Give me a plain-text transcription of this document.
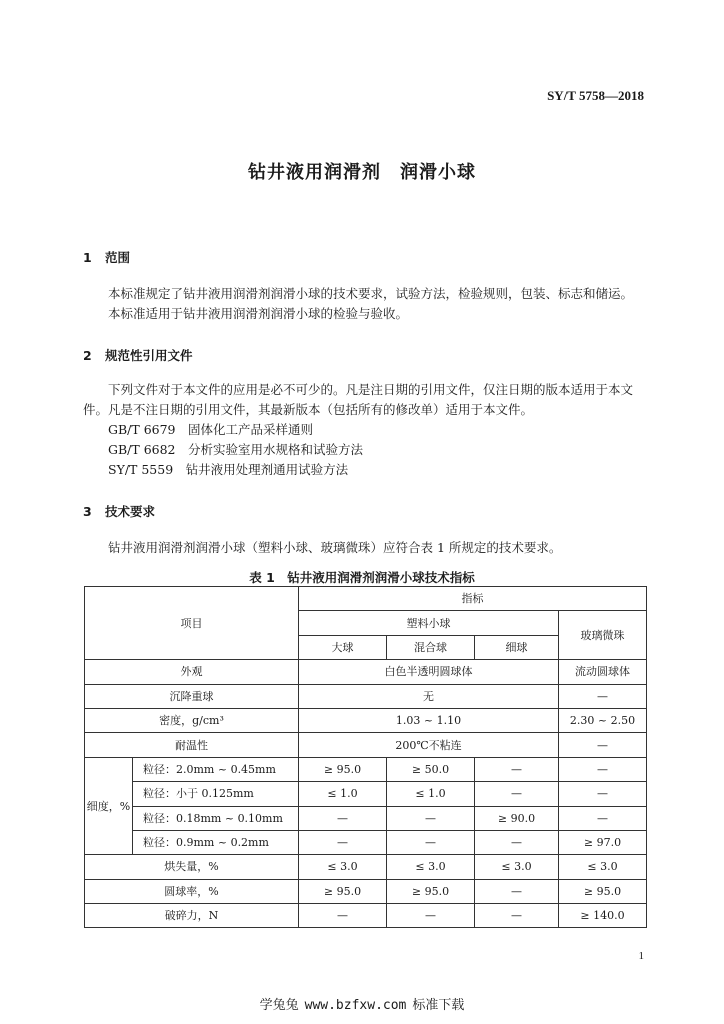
SY/T 5758—2018
钻井液用润滑剂　润滑小球
1 范围

本标准规定了钻井液用润滑剂润滑小球的技术要求，试验方法，检验规则，包装、标志和储运。

本标准适用于钻井液用润滑剂润滑小球的检验与验收。

2 规范性引用文件

下列文件对于本文件的应用是必不可少的。凡是注日期的引用文件，仅注日期的版本适用于本文件。凡是不注日期的引用文件，其最新版本（包括所有的修改单）适用于本文件。

GB/T 6679　 固体化工产品采样通则

GB/T 6682　 分析实验室用水规格和试验方法

SY/T 5559　 钻井液用处理剂通用试验方法

3 技术要求

钻井液用润滑剂润滑小球（塑料小球、玻璃微珠）应符合表 1 所规定的技术要求。

表 1　钻井液用润滑剂润滑小球技术指标
项目		指标			
		塑料小球			玻璃微珠
		大球	混合球	细球	
外观		白色半透明圆球体			流动圆球体
沉降重球		无			—
密度，g/cm³		1.03 ~ 1.10			2.30 ~ 2.50
耐温性		200℃不粘连			—
细度，%	粒径：2.0mm ~ 0.45mm	≥ 95.0	≥ 50.0	—	—
	粒径：小于 0.125mm	≤ 1.0	≤ 1.0	—	—
	粒径：0.18mm ~ 0.10mm	—	—	≥ 90.0	—
	粒径：0.9mm ~ 0.2mm	—	—	—	≥ 97.0
烘失量，%		≤ 3.0	≤ 3.0	≤ 3.0	≤ 3.0
圆球率，%		≥ 95.0	≥ 95.0	—	≥ 95.0
破碎力，N		—	—	—	≥ 140.0
1
学兔兔 www.bzfxw.com 标准下载
